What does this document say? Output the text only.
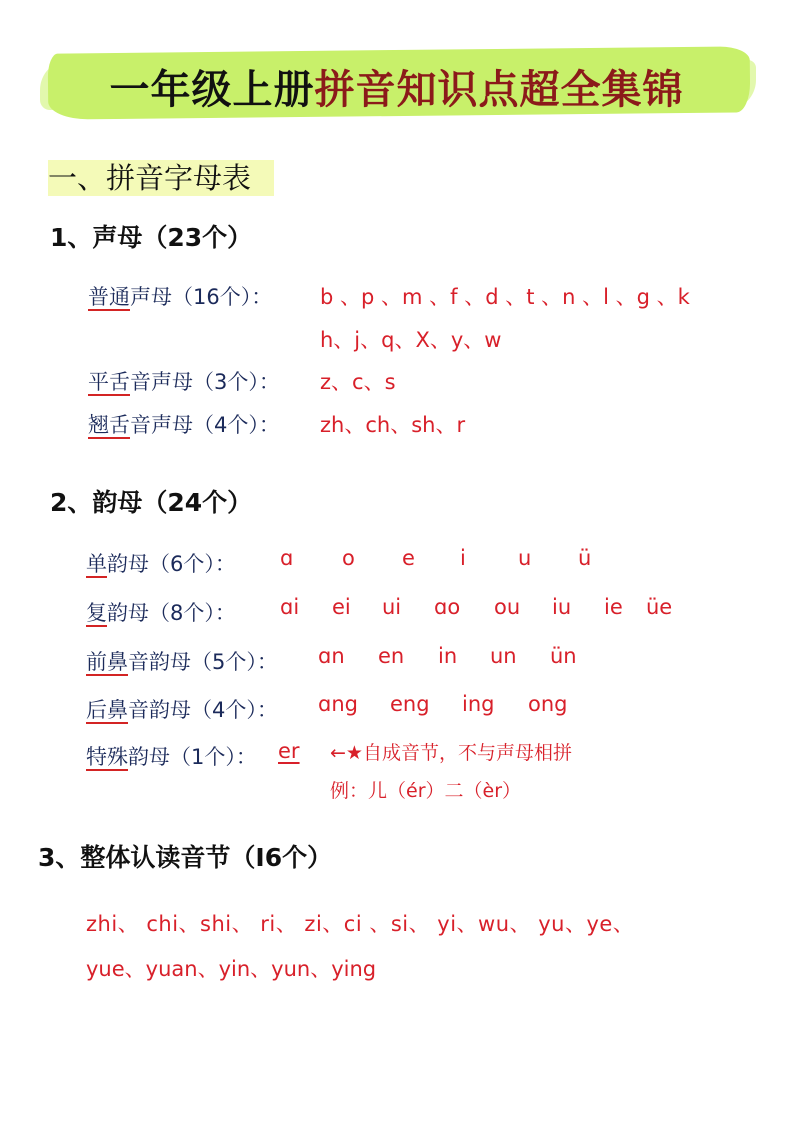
一年级上册拼音知识点超全集锦
一、拼音字母表
1、声母（23个）
普通声母（16个）： b 、p 、m 、f 、d 、t 、n 、l 、g 、k
h、j、q、X、y、w
平舌音声母（3个）： z、c、s
翘舌音声母（4个）： zh、ch、sh、r
2、韵母（24个）
单韵母（6个）： ɑ o e i u ü
复韵母（8个）： ɑi ei ui ɑo ou iu ie üe
前鼻音韵母（5个）： ɑn en in un ün
后鼻音韵母（4个）： ɑng eng ing ong
特殊韵母（1个）： er ←★自成音节，不与声母相拼
例：儿（ér）二（èr）
3、整体认读音节（I6个）
zhi、 chi、shi、 ri、 zi、ci 、si、 yi、wu、 yu、ye、
yue、yuan、yin、yun、ying
